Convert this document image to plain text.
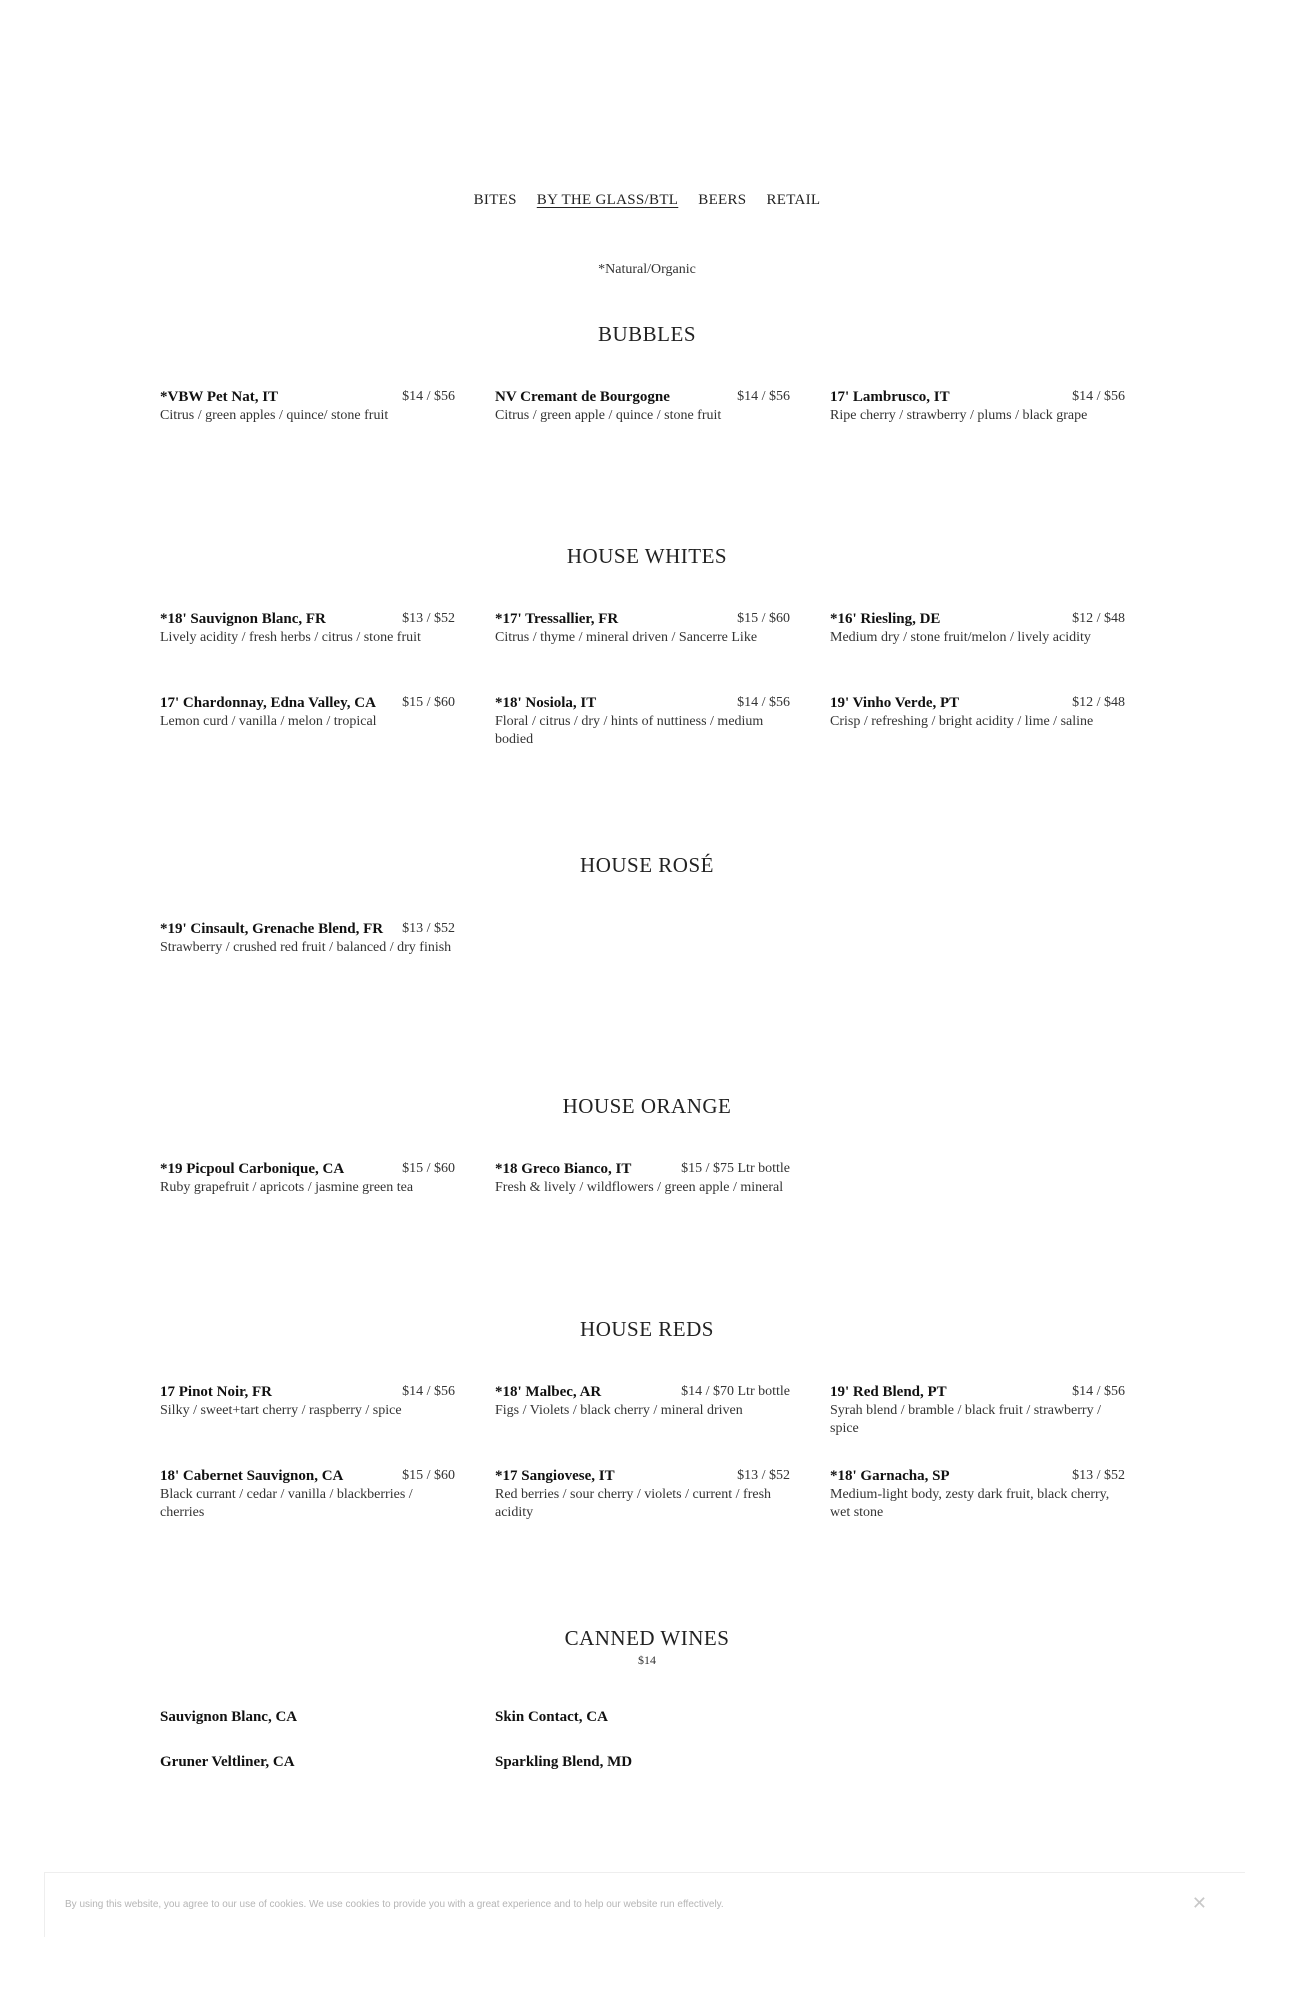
BITES BY THE GLASS/BTL BEERS RETAIL
*Natural/Organic
BUBBLES
*VBW Pet Nat, IT	$14 / $56
Citrus / green apples / quince/ stone fruit
NV Cremant de Bourgogne	$14 / $56
Citrus / green apple / quince / stone fruit
17' Lambrusco, IT	$14 / $56
Ripe cherry / strawberry / plums / black grape
HOUSE WHITES
*18' Sauvignon Blanc, FR	$13 / $52
Lively acidity / fresh herbs / citrus / stone fruit
*17' Tressallier, FR	$15 / $60
Citrus / thyme / mineral driven / Sancerre Like
*16' Riesling, DE	$12 / $48
Medium dry / stone fruit/melon / lively acidity
17' Chardonnay, Edna Valley, CA $15 / $60
Lemon curd / vanilla / melon / tropical
*18' Nosiola, IT	$14 / $56
Floral / citrus / dry / hints of nuttiness / medium bodied
19' Vinho Verde, PT	$12 / $48
Crisp / refreshing / bright acidity / lime / saline
HOUSE ROSÉ
*19' Cinsault, Grenache Blend, FR $13 / $52
Strawberry / crushed red fruit / balanced / dry finish
HOUSE ORANGE
*19 Picpoul Carbonique, CA	$15 / $60
Ruby grapefruit / apricots / jasmine green tea
*18 Greco Bianco, IT	$15 / $75 Ltr bottle
Fresh & lively / wildflowers / green apple / mineral
HOUSE REDS
17 Pinot Noir, FR	$14 / $56
Silky / sweet+tart cherry / raspberry / spice
*18' Malbec, AR	$14 / $70 Ltr bottle
Figs / Violets / black cherry / mineral driven
19' Red Blend, PT	$14 / $56
Syrah blend / bramble / black fruit / strawberry / spice
18' Cabernet Sauvignon, CA	$15 / $60
Black currant / cedar / vanilla / blackberries / cherries
*17 Sangiovese, IT	$13 / $52
Red berries / sour cherry / violets / current / fresh acidity
*18' Garnacha, SP	$13 / $52
Medium-light body, zesty dark fruit, black cherry, wet stone
CANNED WINES
$14
Sauvignon Blanc, CA	Skin Contact, CA
Gruner Veltliner, CA	Sparkling Blend, MD
By using this website, you agree to our use of cookies. We use cookies to provide you with a great experience and to help our website run effectively.	✕
